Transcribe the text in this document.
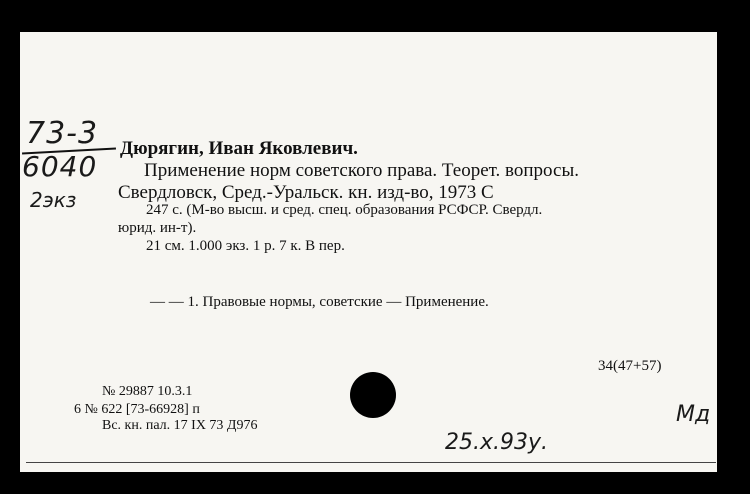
73-3
6040
2экз
Дюрягин, Иван Яковлевич.
Применение норм советского права. Теорет. вопросы.
Свердловск, Сред.-Уральск. кн. изд-во, 1973 С
247 с. (М-во высш. и сред. спец. образования РСФСР. Свердл.
юрид. ин-т).
21 см. 1.000 экз. 1 р. 7 к. В пер.
— — 1. Правовые нормы, советские — Применение.
34(47+57)
№ 29887 10.3.1
6 № 622 [73-66928] п
Вс. кн. пал. 17 IX 73 Д976
25.х.93у.
Мд
